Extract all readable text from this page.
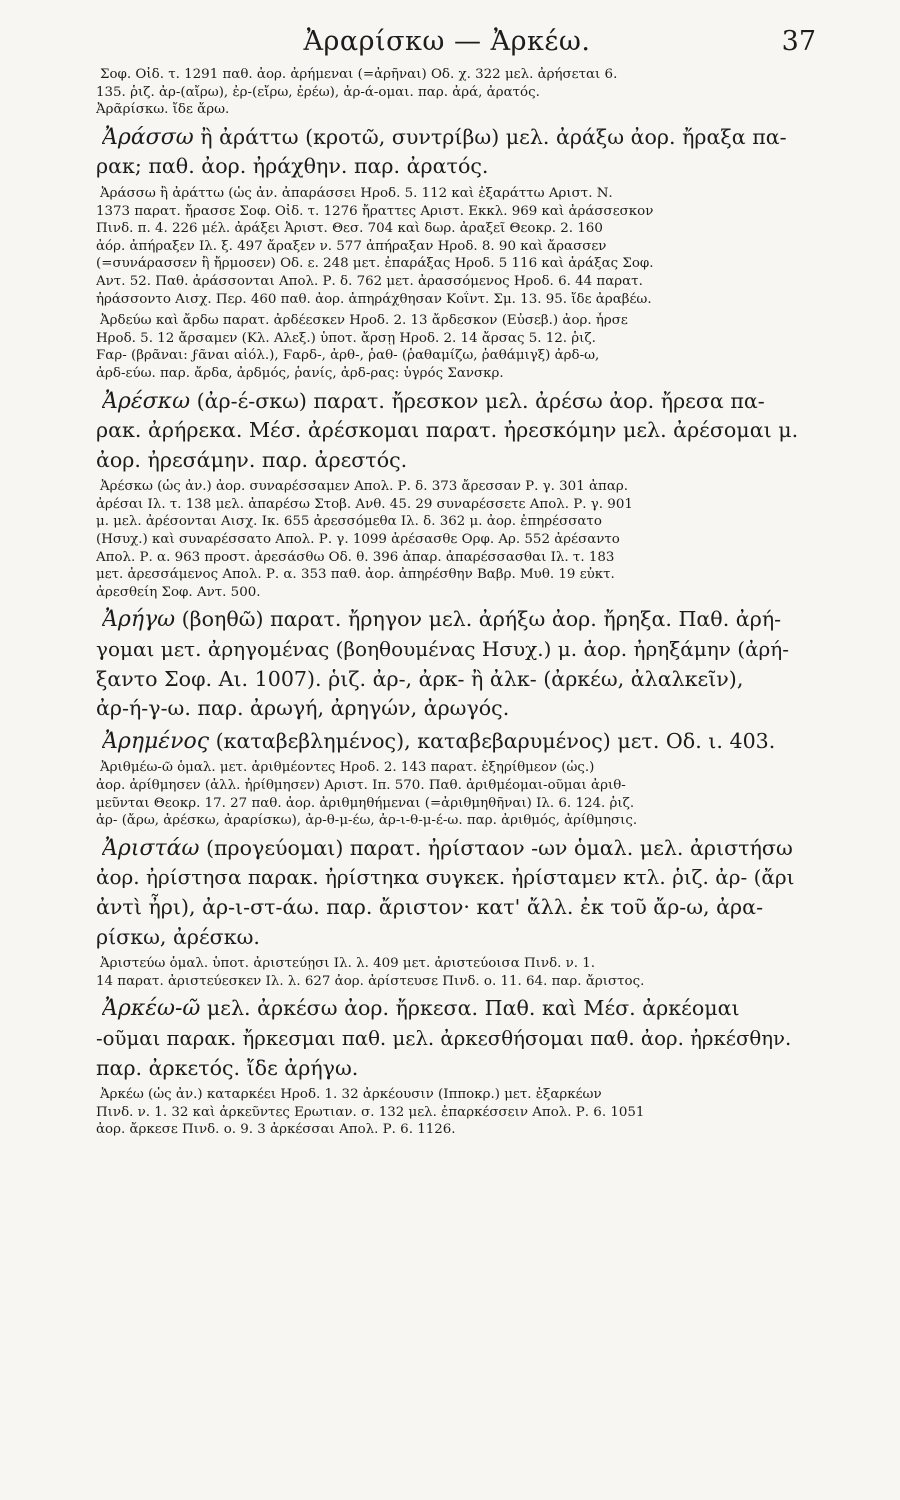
Ἀραρίσκω — Ἀρκέω.	37
Σοφ. Οἰδ. τ. 1291 παθ. ἀορ. ἀρήμεναι (=ἀρῆναι) Οδ. χ. 322 μελ. ἀρήσεται 6.
135. ῥιζ. ἀρ-(αἴρω), ἐρ-(εἴρω, ἐρέω), ἀρ-ά-ομαι. παρ. ἀρά, ἀρατός.
Ἀρᾶρίσκω. ἴδε ἄρω.
Ἀράσσω ἢ ἀράττω (κροτῶ, συντρίβω) μελ. ἀράξω ἀορ. ἤραξα πα-
ρακ; παθ. ἀορ. ἠράχθην. παρ. ἀρατός.
Ἀράσσω ἢ ἀράττω (ὡς ἀν. ἀπαράσσει Ηροδ. 5. 112 καὶ ἐξαράττω Αριστ. Ν.
1373 παρατ. ἤρασσε Σοφ. Οἰδ. τ. 1276 ἤραττες Αριστ. Εκκλ. 969 καὶ ἀράσσεσκον
Πινδ. π. 4. 226 μέλ. ἀράξει Ἀριστ. Θεσ. 704 καὶ δωρ. ἀραξεῖ Θεοκρ. 2. 160
ἀόρ. ἀπήραξεν Ιλ. ξ. 497 ἄραξεν ν. 577 ἀπήραξαν Ηροδ. 8. 90 καὶ ἄρασσεν
(=συνάρασσεν ἢ ἤρμοσεν) Οδ. ε. 248 μετ. ἐπαράξας Ηροδ. 5 116 καὶ ἀράξας Σοφ.
Αντ. 52. Παθ. ἀράσσονται Απολ. Ρ. δ. 762 μετ. ἀρασσόμενος Ηροδ. 6. 44 παρατ.
ἠράσσοντο Αισχ. Περ. 460 παθ. ἀορ. ἀπηράχθησαν Κοΐντ. Σμ. 13. 95. ἴδε ἀραβέω.
Ἀρδεύω καὶ ἄρδω παρατ. ἀρδέεσκεν Ηροδ. 2. 13 ἄρδεσκον (Εὐσεβ.) ἀορ. ἦρσε
Ηροδ. 5. 12 ἄρσαμεν (Κλ. Αλεξ.) ὑποτ. ἄρσῃ Ηροδ. 2. 14 ἄρσας 5. 12. ῥιζ.
Ϝαρ- (βρᾶναι: ϝᾶναι αἰόλ.), Ϝαρδ-, ἀρθ-, ῥαθ- (ῥαθαμίζω, ῥαθάμιγξ) ἀρδ-ω,
ἀρδ-εύω. παρ. ἄρδα, ἀρδμός, ῥανίς, ἀρδ-ρας: ὑγρός Σανσκρ.
Ἀρέσκω (ἀρ-έ-σκω) παρατ. ἤρεσκον μελ. ἀρέσω ἀορ. ἤρεσα πα-
ρακ. ἀρήρεκα. Μέσ. ἀρέσκομαι παρατ. ἠρεσκόμην μελ. ἀρέσομαι μ.
ἀορ. ἠρεσάμην. παρ. ἀρεστός.
Ἀρέσκω (ὡς ἀν.) ἀορ. συναρέσσαμεν Απολ. Ρ. δ. 373 ἄρεσσαν Ρ. γ. 301 ἀπαρ.
ἀρέσαι Ιλ. τ. 138 μελ. ἀπαρέσω Στοβ. Ανθ. 45. 29 συναρέσσετε Απολ. Ρ. γ. 901
μ. μελ. ἀρέσονται Αισχ. Ικ. 655 ἀρεσσόμεθα Ιλ. δ. 362 μ. ἀορ. ἐπηρέσσατο
(Ησυχ.) καὶ συναρέσσατο Απολ. Ρ. γ. 1099 ἀρέσασθε Ορφ. Αρ. 552 ἀρέσαντο
Απολ. Ρ. α. 963 προστ. ἀρεσάσθω Οδ. θ. 396 ἀπαρ. ἀπαρέσσασθαι Ιλ. τ. 183
μετ. ἀρεσσάμενος Απολ. Ρ. α. 353 παθ. ἀορ. ἀπηρέσθην Βαβρ. Μυθ. 19 εὐκτ.
ἀρεσθείη Σοφ. Αντ. 500.
Ἀρήγω (βοηθῶ) παρατ. ἤρηγον μελ. ἀρήξω ἀορ. ἤρηξα. Παθ. ἀρή-
γομαι μετ. ἀρηγομένας (βοηθουμένας Ησυχ.) μ. ἀορ. ἠρηξάμην (ἀρή-
ξαντο Σοφ. Αι. 1007). ῥιζ. ἀρ-, ἀρκ- ἢ ἀλκ- (ἀρκέω, ἀλαλκεῖν),
ἀρ-ή-γ-ω. παρ. ἀρωγή, ἀρηγών, ἀρωγός.
Ἀρημένος (καταβεβλημένος), καταβεβαρυμένος) μετ. Οδ. ι. 403.
Ἀριθμέω-ῶ ὁμαλ. μετ. ἀριθμέοντες Ηροδ. 2. 143 παρατ. ἐξηρίθμεον (ὡς.)
ἀορ. ἀρίθμησεν (ἀλλ. ἠρίθμησεν) Αριστ. Ιπ. 570. Παθ. ἀριθμέομαι-οῦμαι ἀριθ-
μεῦνται Θεοκρ. 17. 27 παθ. ἀορ. ἀριθμηθήμεναι (=ἀριθμηθῆναι) Ιλ. 6. 124. ῥιζ.
ἀρ- (ἄρω, ἀρέσκω, ἀραρίσκω), ἀρ-θ-μ-έω, ἀρ-ι-θ-μ-έ-ω. παρ. ἀριθμός, ἀρίθμησις.
Ἀριστάω (προγεύομαι) παρατ. ἠρίσταον -ων ὁμαλ. μελ. ἀριστήσω
ἀορ. ἠρίστησα παρακ. ἠρίστηκα συγκεκ. ἠρίσταμεν κτλ. ῥιζ. ἀρ- (ἄρι
ἀντὶ ἦρι), ἀρ-ι-στ-άω. παρ. ἄριστον· κατ' ἄλλ. ἐκ τοῦ ἄρ-ω, ἀρα-
ρίσκω, ἀρέσκω.
Ἀριστεύω ὁμαλ. ὑποτ. ἀριστεύῃσι Ιλ. λ. 409 μετ. ἀριστεύοισα Πινδ. ν. 1.
14 παρατ. ἀριστεύεσκεν Ιλ. λ. 627 ἀορ. ἀρίστευσε Πινδ. ο. 11. 64. παρ. ἄριστος.
Ἀρκέω-ῶ μελ. ἀρκέσω ἀορ. ἤρκεσα. Παθ. καὶ Μέσ. ἀρκέομαι
-οῦμαι παρακ. ἤρκεσμαι παθ. μελ. ἀρκεσθήσομαι παθ. ἀορ. ἠρκέσθην.
παρ. ἀρκετός. ἴδε ἀρήγω.
Ἀρκέω (ὡς ἀν.) καταρκέει Ηροδ. 1. 32 ἀρκέουσιν (Ιπποκρ.) μετ. ἐξαρκέων
Πινδ. ν. 1. 32 καὶ ἀρκεῦντες Ερωτιαν. σ. 132 μελ. ἐπαρκέσσειν Απολ. Ρ. 6. 1051
ἀορ. ἄρκεσε Πινδ. ο. 9. 3 ἀρκέσσαι Απολ. Ρ. 6. 1126.
